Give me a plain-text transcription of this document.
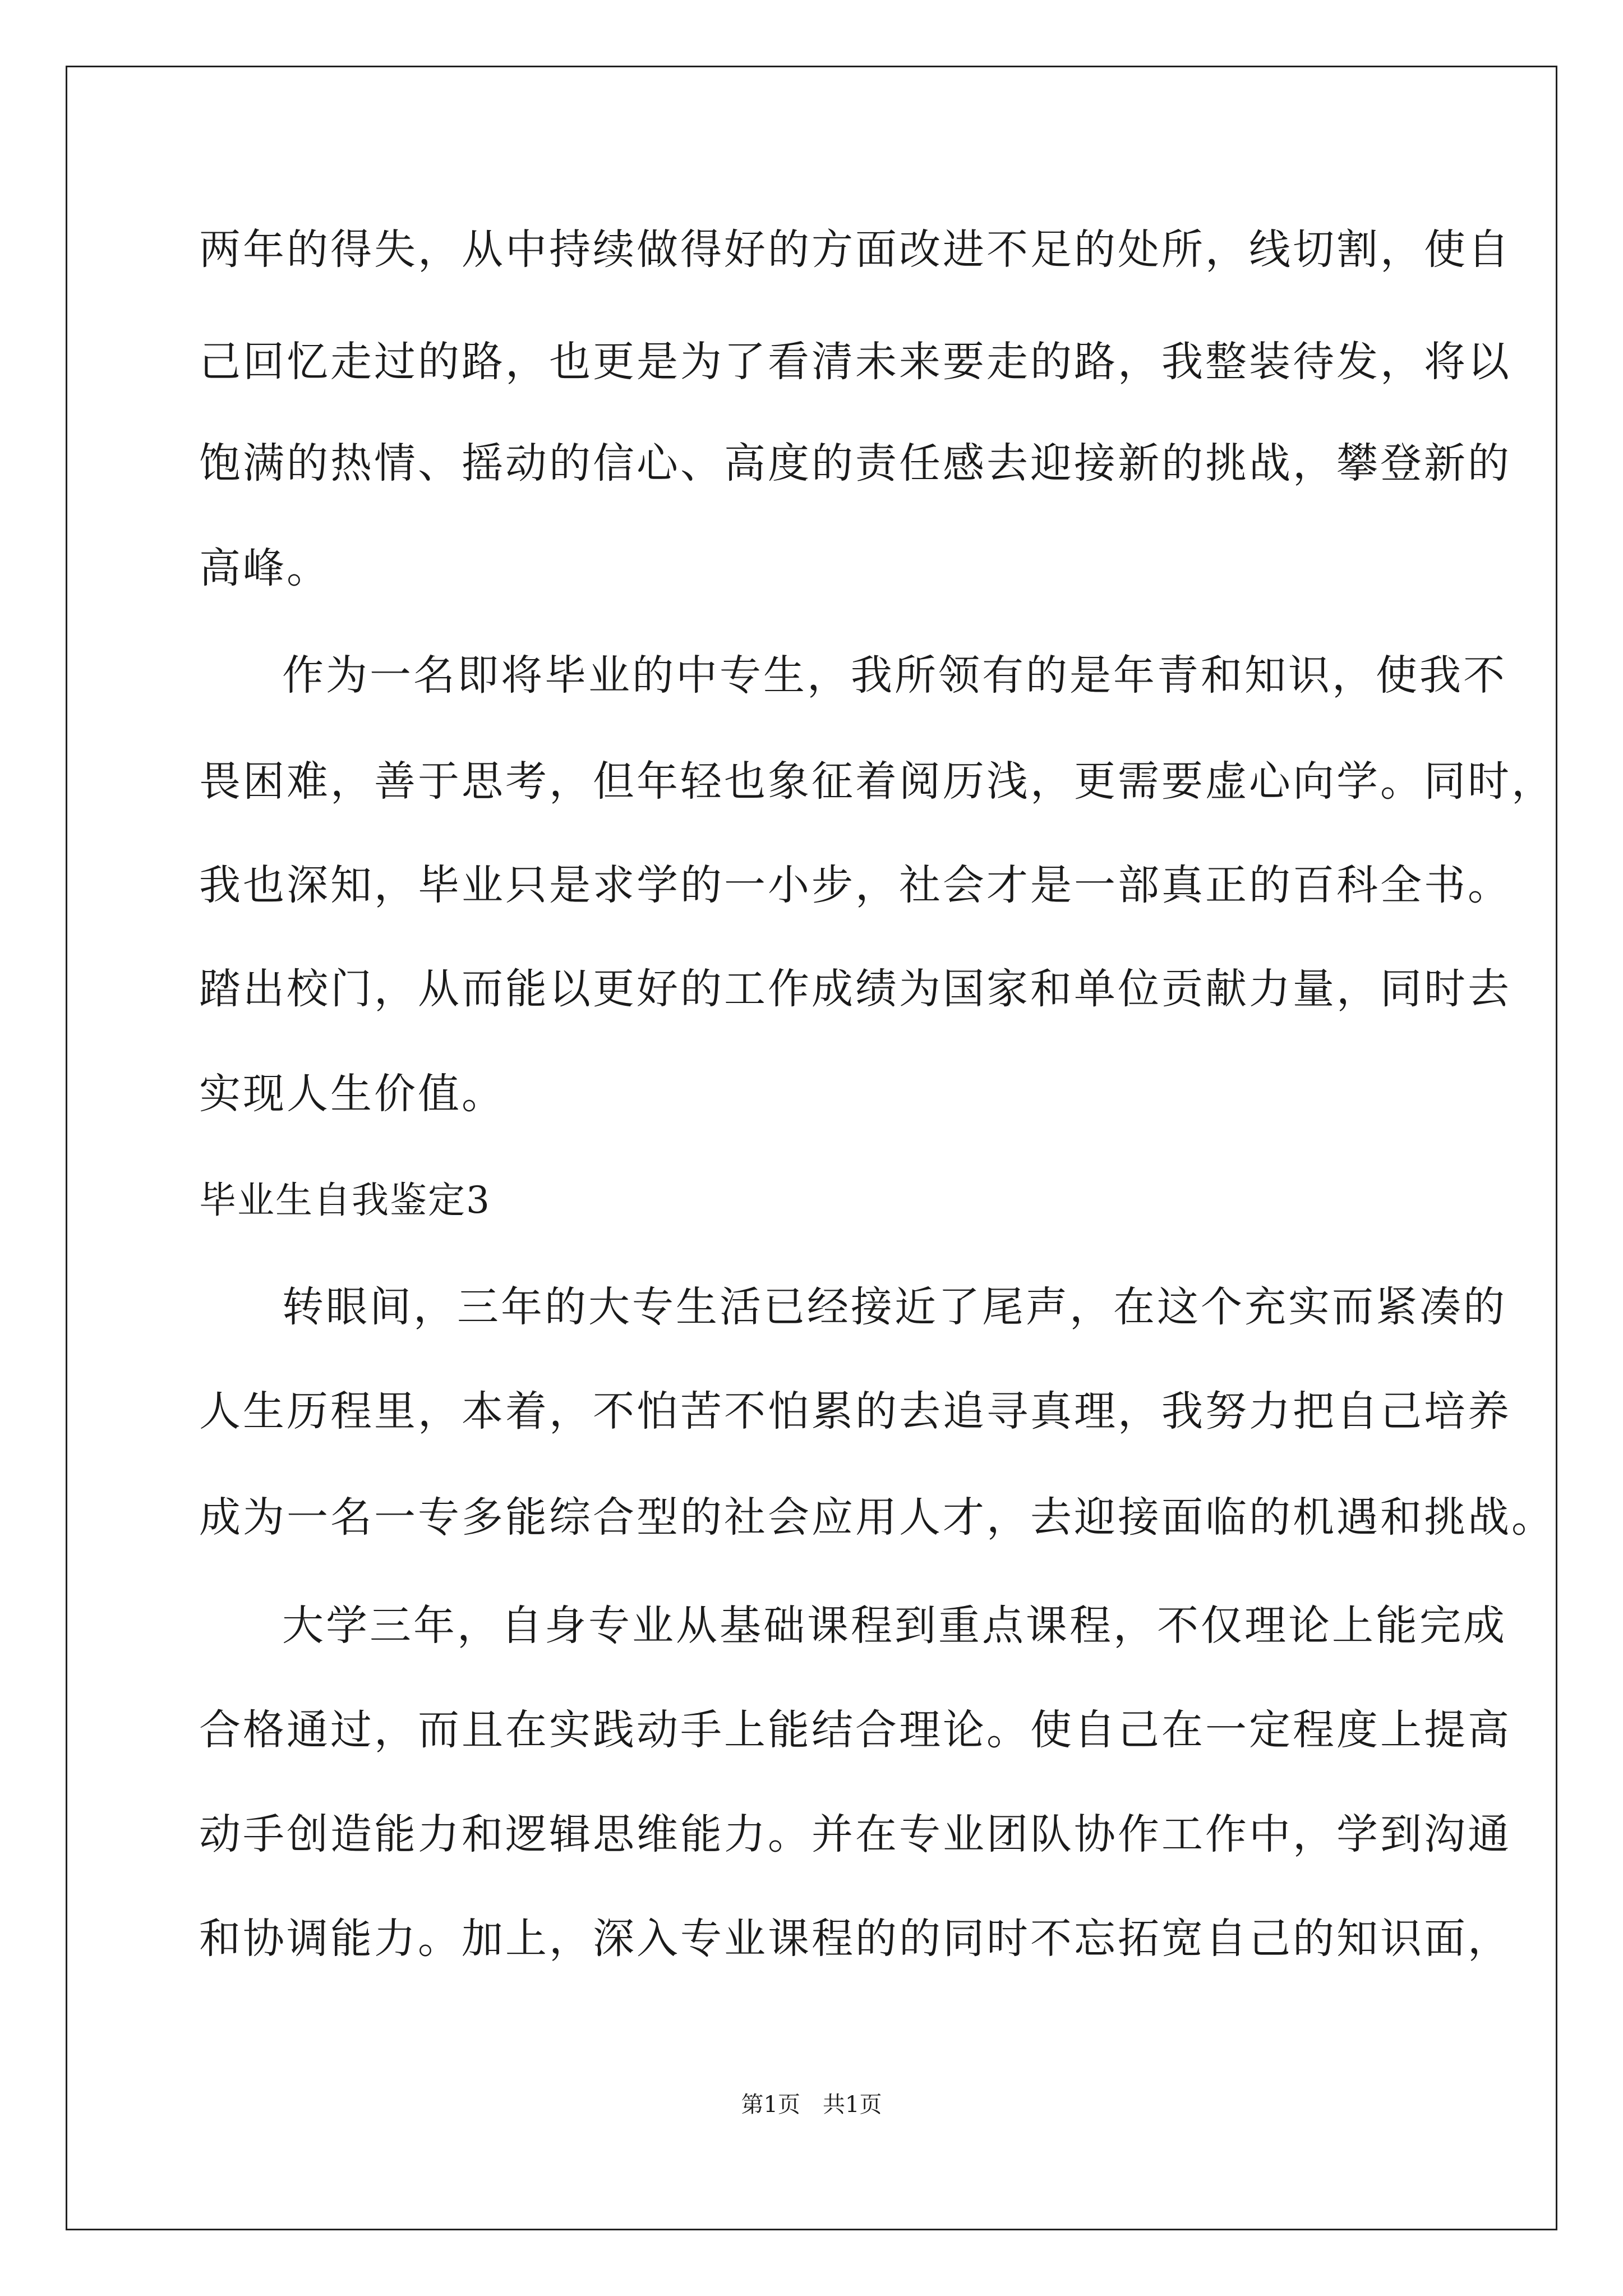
两年的得失，从中持续做得好的方面改进不足的处所，线切割，使自
己回忆走过的路，也更是为了看清未来要走的路，我整装待发，将以
饱满的热情、摇动的信心、高度的责任感去迎接新的挑战，攀登新的
高峰。
作为一名即将毕业的中专生，我所领有的是年青和知识，使我不
畏困难，善于思考，但年轻也象征着阅历浅，更需要虚心向学。同时，
我也深知，毕业只是求学的一小步，社会才是一部真正的百科全书。
踏出校门，从而能以更好的工作成绩为国家和单位贡献力量，同时去
实现人生价值。
毕业生自我鉴定3
转眼间，三年的大专生活已经接近了尾声，在这个充实而紧凑的
人生历程里，本着，不怕苦不怕累的去追寻真理，我努力把自己培养
成为一名一专多能综合型的社会应用人才，去迎接面临的机遇和挑战。
大学三年，自身专业从基础课程到重点课程，不仅理论上能完成
合格通过，而且在实践动手上能结合理论。使自己在一定程度上提高
动手创造能力和逻辑思维能力。并在专业团队协作工作中，学到沟通
和协调能力。加上，深入专业课程的的同时不忘拓宽自己的知识面，
第1页　共1页
